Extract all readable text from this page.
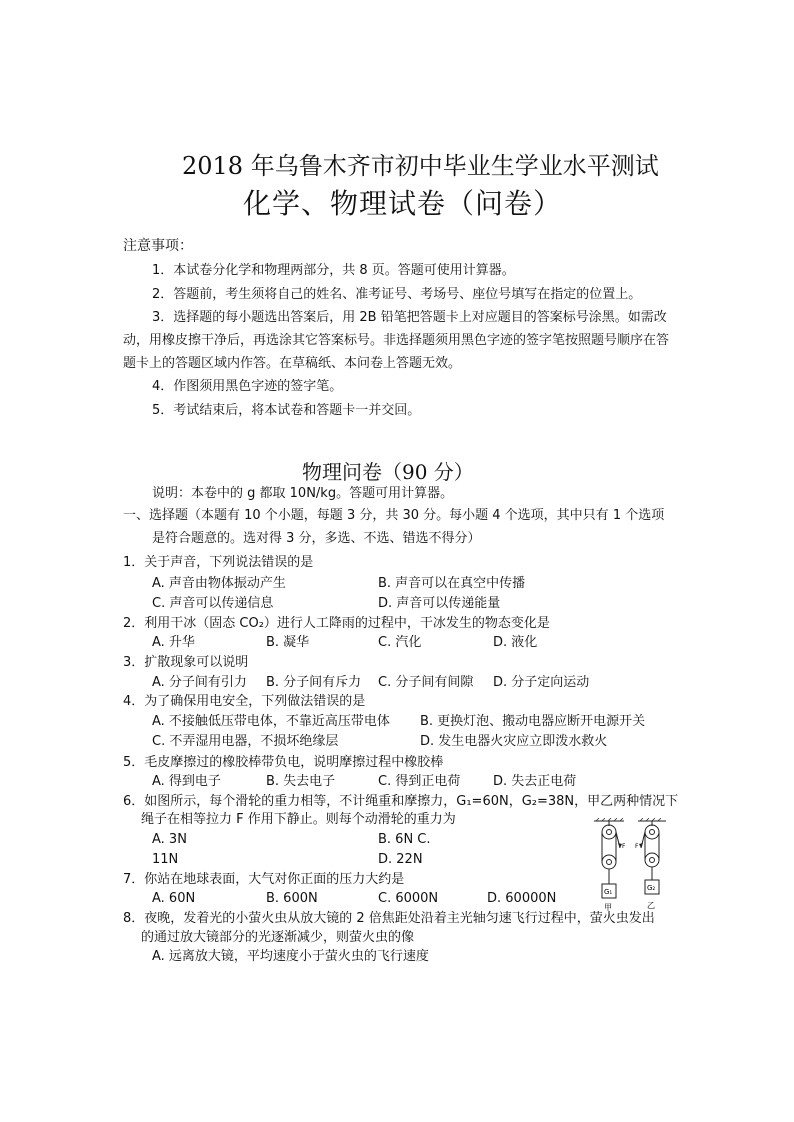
2018 年乌鲁木齐市初中毕业生学业水平测试
化学、物理试卷（问卷）
注意事项：
1．本试卷分化学和物理两部分，共 8 页。答题可使用计算器。
2．答题前，考生须将自己的姓名、准考证号、考场号、座位号填写在指定的位置上。
3．选择题的每小题选出答案后，用 2B 铅笔把答题卡上对应题目的答案标号涂黑。如需改动，用橡皮擦干净后，再选涂其它答案标号。非选择题须用黑色字迹的签字笔按照题号顺序在答题卡上的答题区域内作答。在草稿纸、本问卷上答题无效。
4．作图须用黑色字迹的签字笔。
5．考试结束后，将本试卷和答题卡一并交回。
物理问卷（90 分）
说明：本卷中的 g 都取 10N/kg。答题可用计算器。
一、选择题（本题有 10 个小题，每题 3 分，共 30 分。每小题 4 个选项，其中只有 1 个选项
是符合题意的。选对得 3 分，多选、不选、错选不得分）
1．关于声音，下列说法错误的是
A. 声音由物体振动产生	B. 声音可以在真空中传播
C. 声音可以传递信息	D. 声音可以传递能量
2．利用干冰（固态 CO₂）进行人工降雨的过程中，干冰发生的物态变化是
A. 升华	B. 凝华	C. 汽化	D. 液化
3．扩散现象可以说明
A. 分子间有引力 B. 分子间有斥力 C. 分子间有间隙 D. 分子定向运动
4．为了确保用电安全，下列做法错误的是
A. 不接触低压带电体，不靠近高压带电体 B. 更换灯泡、搬动电器应断开电源开关
C. 不弄湿用电器，不损坏绝缘层	D. 发生电器火灾应立即泼水救火
5．毛皮摩擦过的橡胶棒带负电，说明摩擦过程中橡胶棒
A. 得到电子	B. 失去电子	C. 得到正电荷	D. 失去正电荷
6．如图所示，每个滑轮的重力相等，不计绳重和摩擦力，G₁=60N，G₂=38N，甲乙两种情况下
绳子在相等拉力 F 作用下静止。则每个动滑轮的重力为
A. 3N	B. 6N C.
11N	D. 22N
F F
G₁	G₂
甲	乙
7．你站在地球表面，大气对你正面的压力大约是
A. 60N	B. 600N	C. 6000N	D. 60000N
8．夜晚，发着光的小萤火虫从放大镜的 2 倍焦距处沿着主光轴匀速飞行过程中，萤火虫发出
的通过放大镜部分的光逐渐减少，则萤火虫的像
A. 远离放大镜，平均速度小于萤火虫的飞行速度
